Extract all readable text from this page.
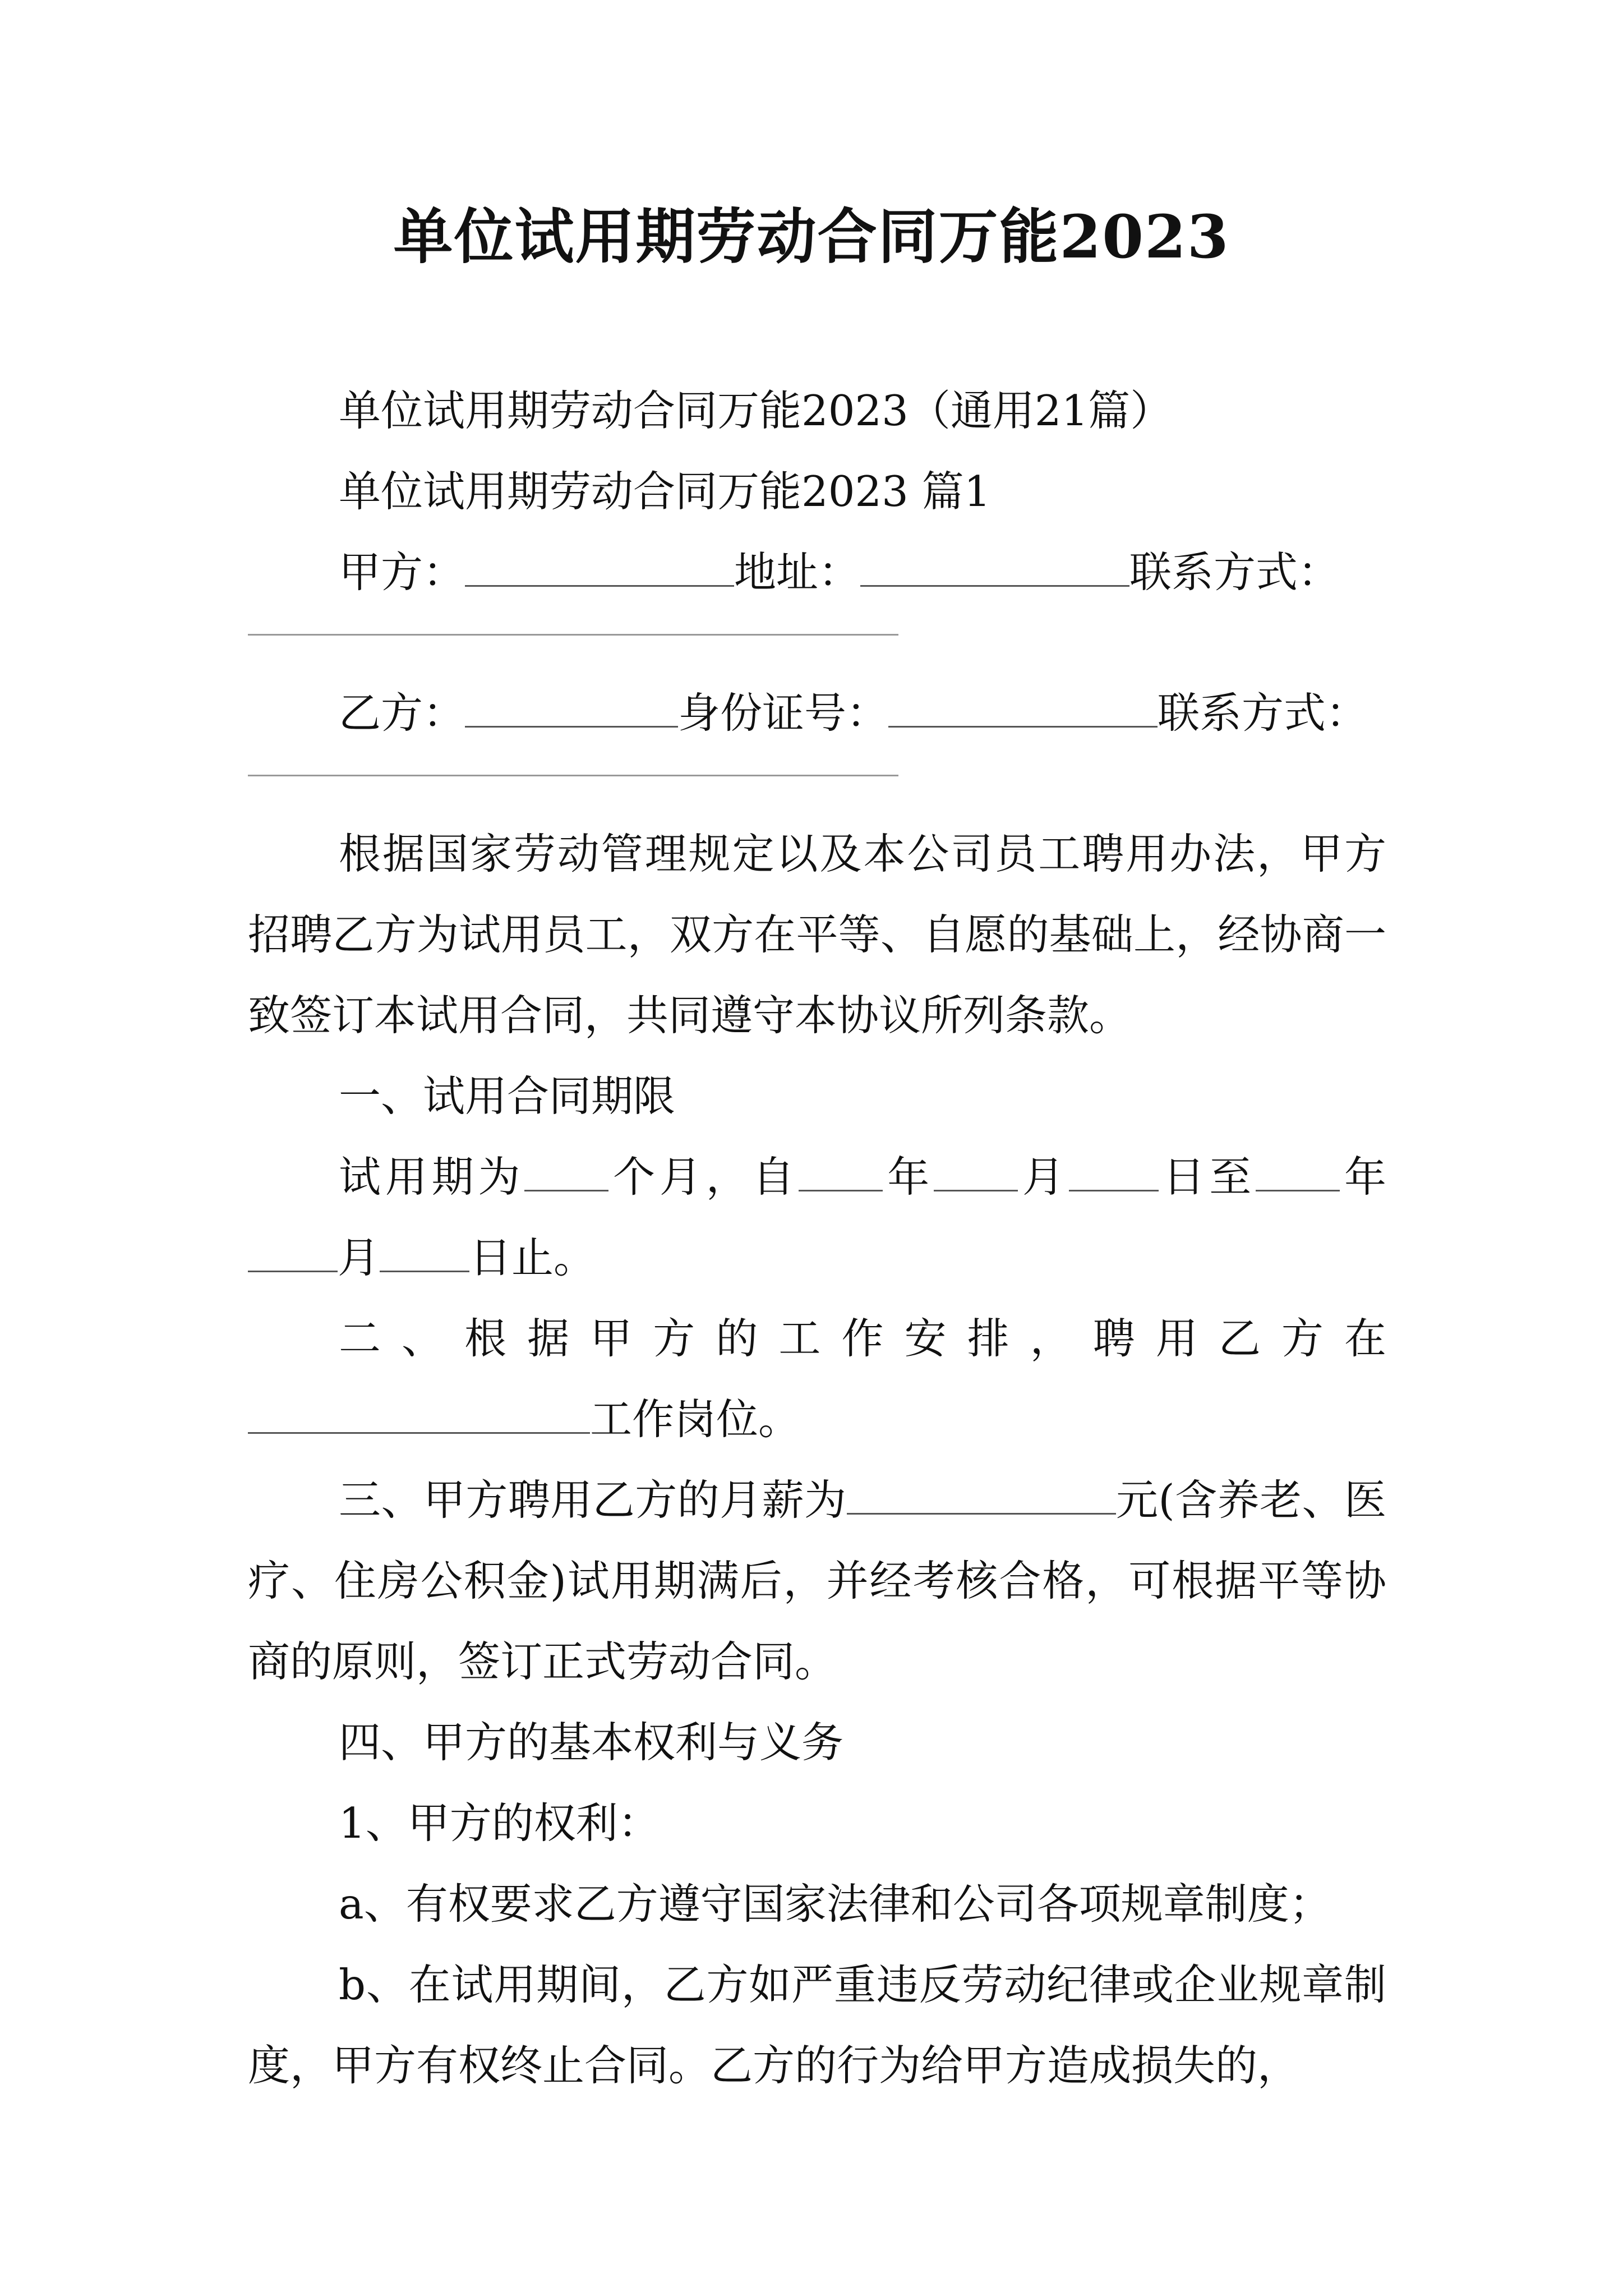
单位试用期劳动合同万能2023

单位试用期劳动合同万能2023（通用21篇）

单位试用期劳动合同万能2023 篇1

甲方：	地址：	联系方式：

乙方：	身份证号：	联系方式：

根据国家劳动管理规定以及本公司员工聘用办法，甲方招聘乙方为试用员工，双方在平等、自愿的基础上，经协商一致签订本试用合同，共同遵守本协议所列条款。

一、试用合同期限

试用期为 个月，自 年 月 日至 年月 日止。

二、根据甲方的工作安排，聘用乙方在工作岗位。

三、甲方聘用乙方的月薪为	元(含养老、医疗、住房公积金)试用期满后，并经考核合格，可根据平等协商的原则，签订正式劳动合同。

四、甲方的基本权利与义务

1、甲方的权利：

a、有权要求乙方遵守国家法律和公司各项规章制度；

b、在试用期间，乙方如严重违反劳动纪律或企业规章制度，甲方有权终止合同。乙方的行为给甲方造成损失的，
